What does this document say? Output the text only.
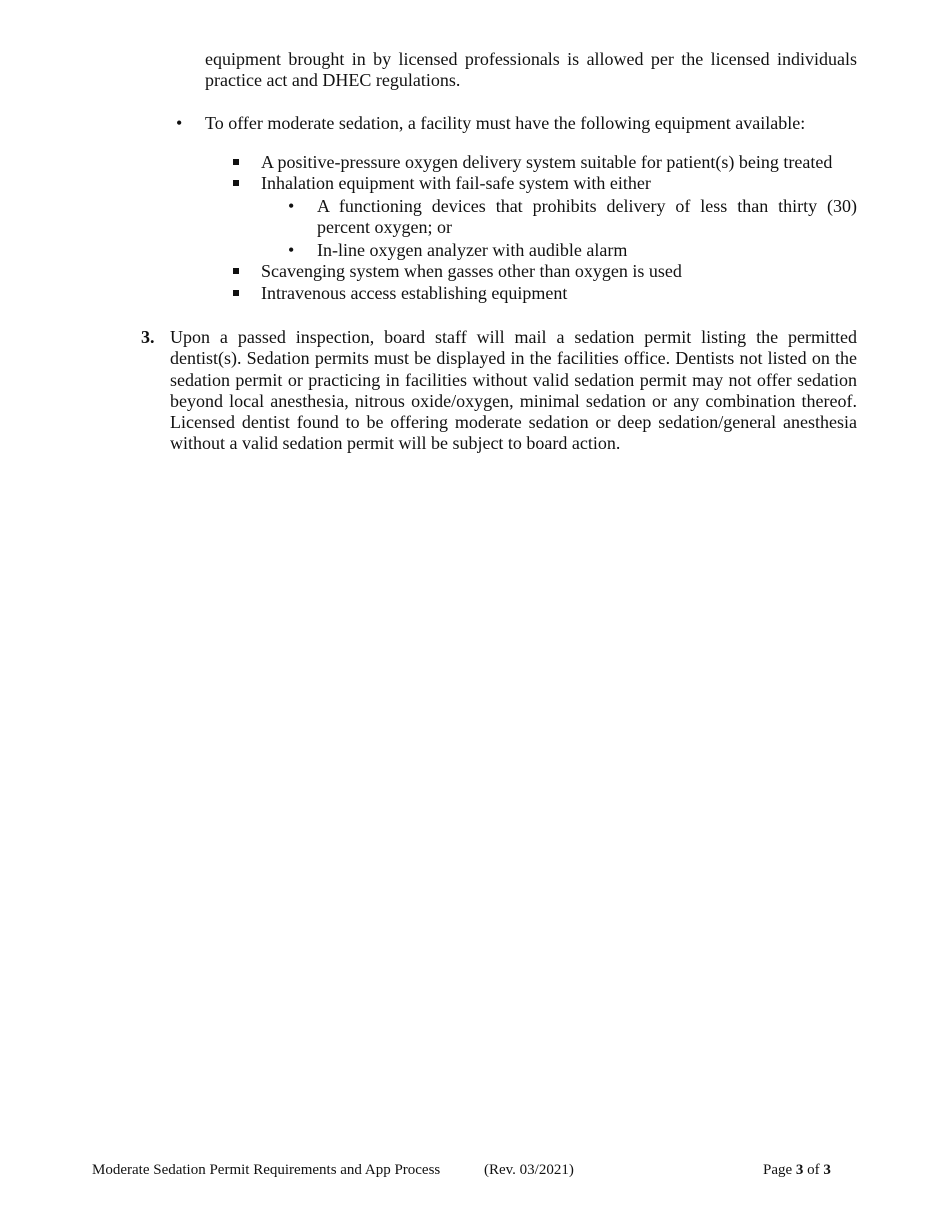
equipment brought in by licensed professionals is allowed per the licensed individuals practice act and DHEC regulations.

• To offer moderate sedation, a facility must have the following equipment available:

A positive-pressure oxygen delivery system suitable for patient(s) being treated

Inhalation equipment with fail-safe system with either

• A functioning devices that prohibits delivery of less than thirty (30) percent oxygen; or

• In-line oxygen analyzer with audible alarm

Scavenging system when gasses other than oxygen is used

Intravenous access establishing equipment

3. Upon a passed inspection, board staff will mail a sedation permit listing the permitted dentist(s). Sedation permits must be displayed in the facilities office. Dentists not listed on the sedation permit or practicing in facilities without valid sedation permit may not offer sedation beyond local anesthesia, nitrous oxide/oxygen, minimal sedation or any combination thereof. Licensed dentist found to be offering moderate sedation or deep sedation/general anesthesia without a valid sedation permit will be subject to board action.

Moderate Sedation Permit Requirements and App Process	(Rev. 03/2021)	Page 3 of 3
